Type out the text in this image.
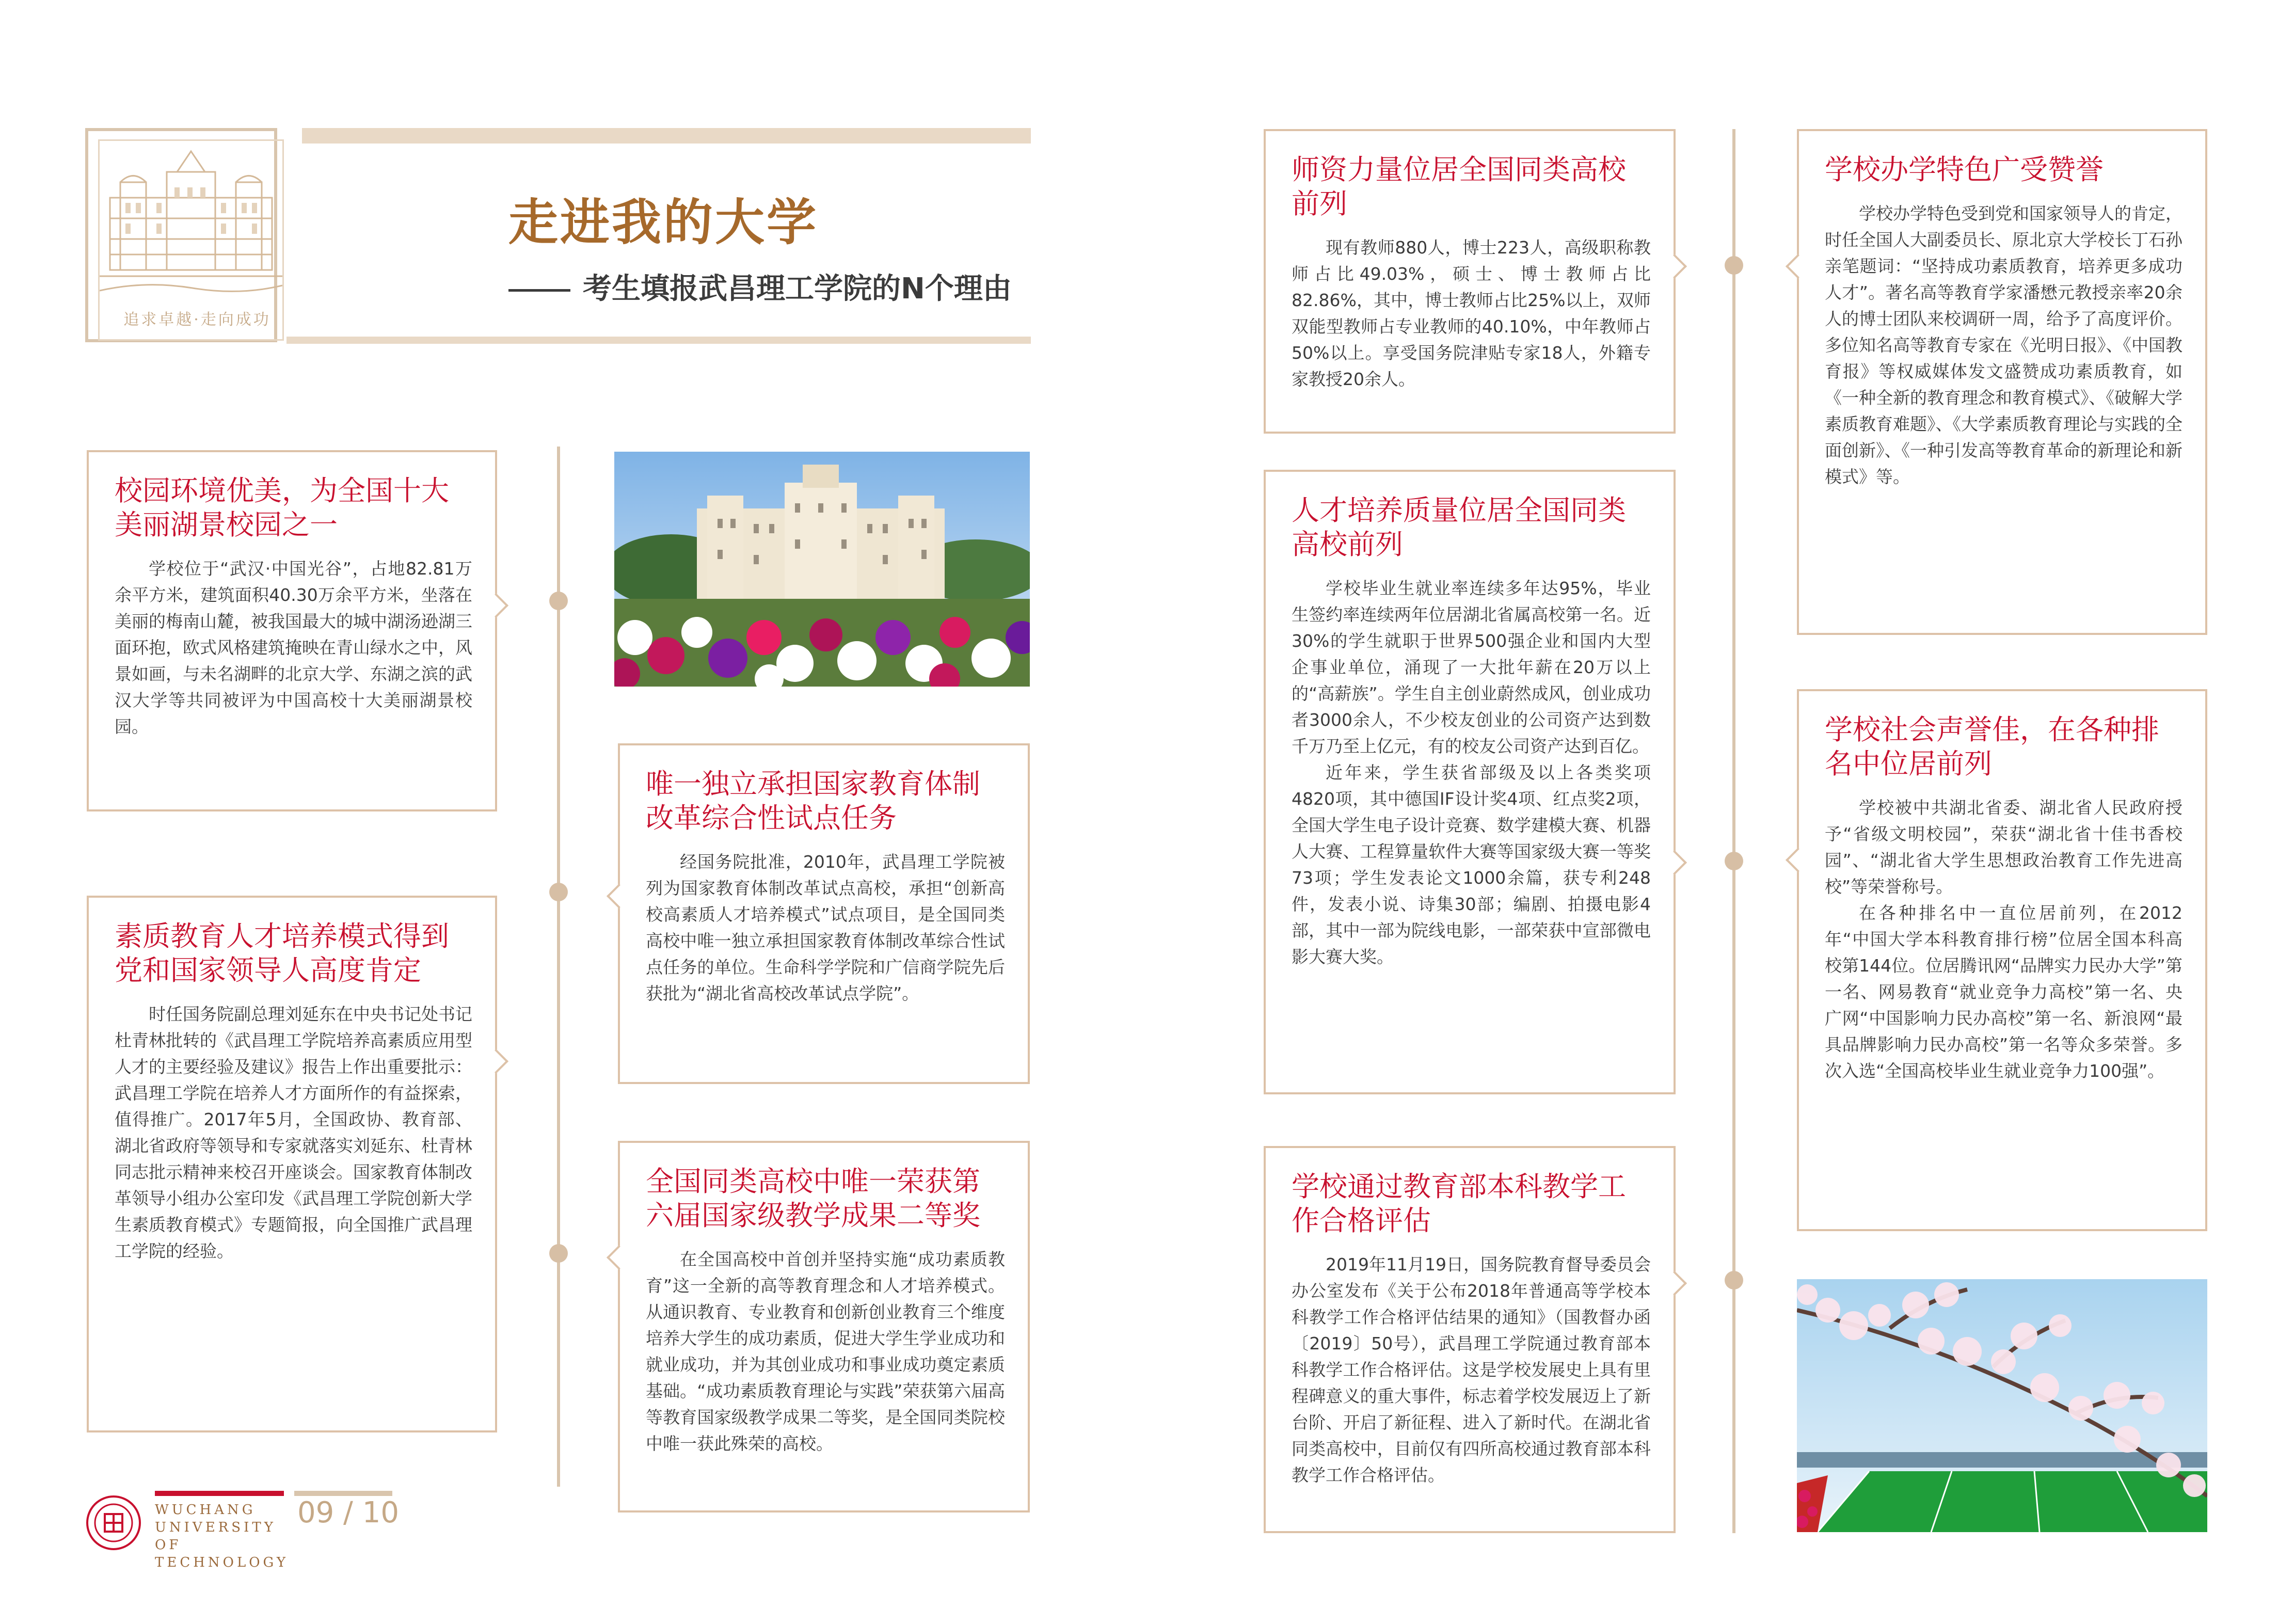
追求卓越·走向成功
走进我的大学
考生填报武昌理工学院的N个理由
校园环境优美，为全国十大美丽湖景校园之一

学校位于“武汉·中国光谷”，占地82.81万余平方米，建筑面积40.30万余平方米，坐落在美丽的梅南山麓，被我国最大的城中湖汤逊湖三面环抱，欧式风格建筑掩映在青山绿水之中，风景如画，与未名湖畔的北京大学、东湖之滨的武汉大学等共同被评为中国高校十大美丽湖景校园。

素质教育人才培养模式得到党和国家领导人高度肯定

时任国务院副总理刘延东在中央书记处书记杜青林批转的《武昌理工学院培养高素质应用型人才的主要经验及建议》报告上作出重要批示：武昌理工学院在培养人才方面所作的有益探索，值得推广。2017年5月，全国政协、教育部、湖北省政府等领导和专家就落实刘延东、杜青林同志批示精神来校召开座谈会。国家教育体制改革领导小组办公室印发《武昌理工学院创新大学生素质教育模式》专题简报，向全国推广武昌理工学院的经验。

唯一独立承担国家教育体制改革综合性试点任务

经国务院批准，2010年，武昌理工学院被列为国家教育体制改革试点高校，承担“创新高校高素质人才培养模式”试点项目，是全国同类高校中唯一独立承担国家教育体制改革综合性试点任务的单位。生命科学学院和广信商学院先后获批为“湖北省高校改革试点学院”。

全国同类高校中唯一荣获第六届国家级教学成果二等奖

在全国高校中首创并坚持实施“成功素质教育”这一全新的高等教育理念和人才培养模式。从通识教育、专业教育和创新创业教育三个维度培养大学生的成功素质，促进大学生学业成功和就业成功，并为其创业成功和事业成功奠定素质基础。“成功素质教育理论与实践”荣获第六届高等教育国家级教学成果二等奖，是全国同类院校中唯一获此殊荣的高校。

师资力量位居全国同类高校前列

现有教师880人，博士223人，高级职称教师占比49.03%，硕士、博士教师占比82.86%，其中，博士教师占比25%以上，双师双能型教师占专业教师的40.10%，中年教师占50%以上。享受国务院津贴专家18人，外籍专家教授20余人。

人才培养质量位居全国同类高校前列

学校毕业生就业率连续多年达95%，毕业生签约率连续两年位居湖北省属高校第一名。近30%的学生就职于世界500强企业和国内大型企事业单位，涌现了一大批年薪在20万以上的“高薪族”。学生自主创业蔚然成风，创业成功者3000余人，不少校友创业的公司资产达到数千万乃至上亿元，有的校友公司资产达到百亿。

近年来，学生获省部级及以上各类奖项4820项，其中德国IF设计奖4项、红点奖2项，全国大学生电子设计竞赛、数学建模大赛、机器人大赛、工程算量软件大赛等国家级大赛一等奖73项；学生发表论文1000余篇，获专利248件，发表小说、诗集30部；编剧、拍摄电影4部，其中一部为院线电影，一部荣获中宣部微电影大赛大奖。

学校通过教育部本科教学工作合格评估

2019年11月19日，国务院教育督导委员会办公室发布《关于公布2018年普通高等学校本科教学工作合格评估结果的通知》（国教督办函〔2019〕50号），武昌理工学院通过教育部本科教学工作合格评估。这是学校发展史上具有里程碑意义的重大事件，标志着学校发展迈上了新台阶、开启了新征程、进入了新时代。在湖北省同类高校中，目前仅有四所高校通过教育部本科教学工作合格评估。

学校办学特色广受赞誉

学校办学特色受到党和国家领导人的肯定，时任全国人大副委员长、原北京大学校长丁石孙亲笔题词：“坚持成功素质教育，培养更多成功人才”。著名高等教育学家潘懋元教授亲率20余人的博士团队来校调研一周，给予了高度评价。多位知名高等教育专家在《光明日报》、《中国教育报》等权威媒体发文盛赞成功素质教育，如《一种全新的教育理念和教育模式》、《破解大学素质教育难题》、《大学素质教育理论与实践的全面创新》、《一种引发高等教育革命的新理论和新模式》等。

学校社会声誉佳，在各种排名中位居前列

学校被中共湖北省委、湖北省人民政府授予“省级文明校园”，荣获“湖北省十佳书香校园”、“湖北省大学生思想政治教育工作先进高校”等荣誉称号。

在各种排名中一直位居前列，在2012年“中国大学本科教育排行榜”位居全国本科高校第144位。位居腾讯网“品牌实力民办大学”第一名、网易教育“就业竞争力高校”第一名、央广网“中国影响力民办高校”第一名、新浪网“最具品牌影响力民办高校”第一名等众多荣誉。多次入选“全国高校毕业生就业竞争力100强”。

WUCHANG UNIVERSITY OF TECHNOLOGY
09 / 10
